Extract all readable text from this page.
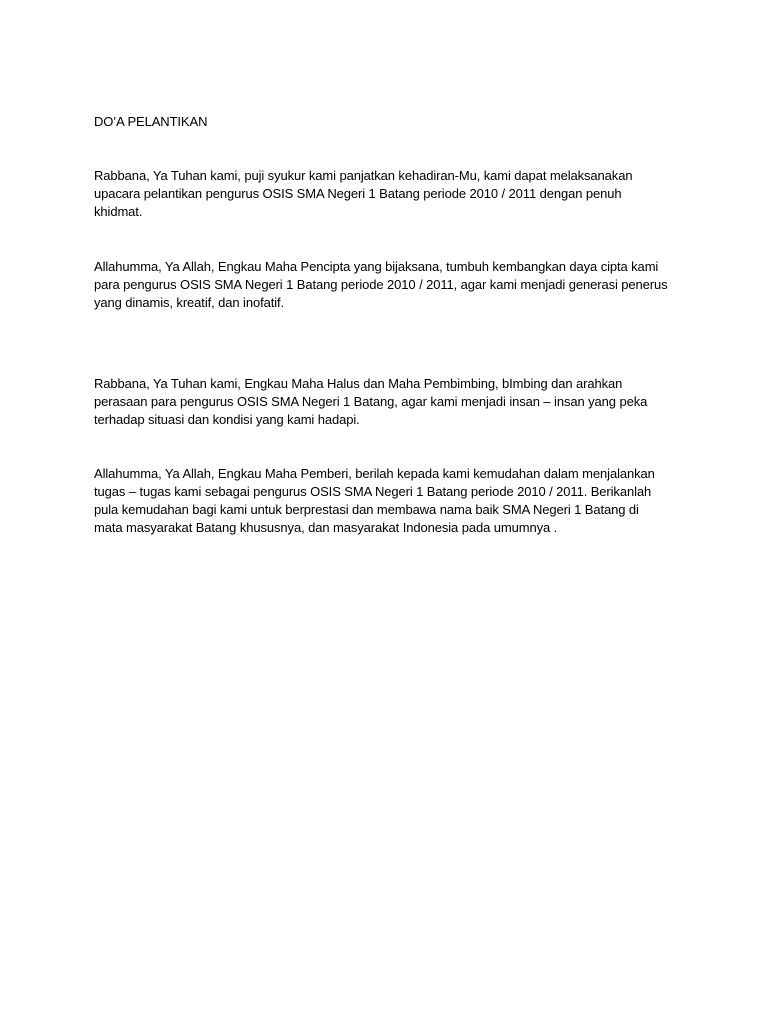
DO’A PELANTIKAN
Rabbana, Ya Tuhan kami, puji syukur kami panjatkan kehadiran-Mu, kami dapat melaksanakan
upacara pelantikan pengurus OSIS SMA Negeri 1 Batang periode 2010 / 2011 dengan penuh
khidmat.
Allahumma, Ya Allah, Engkau Maha Pencipta yang bijaksana, tumbuh kembangkan daya cipta kami
para pengurus OSIS SMA Negeri 1 Batang periode 2010 / 2011, agar kami menjadi generasi penerus
yang dinamis, kreatif, dan inofatif.
Rabbana, Ya Tuhan kami, Engkau Maha Halus dan Maha Pembimbing, bImbing dan arahkan
perasaan para pengurus OSIS SMA Negeri 1 Batang, agar kami menjadi insan – insan yang peka
terhadap situasi dan kondisi yang kami hadapi.
Allahumma, Ya Allah, Engkau Maha Pemberi, berilah kepada kami kemudahan dalam menjalankan
tugas – tugas kami sebagai pengurus OSIS SMA Negeri 1 Batang periode 2010 / 2011. Berikanlah
pula kemudahan bagi kami untuk berprestasi dan membawa nama baik SMA Negeri 1 Batang di
mata masyarakat Batang khususnya, dan masyarakat Indonesia pada umumnya .
